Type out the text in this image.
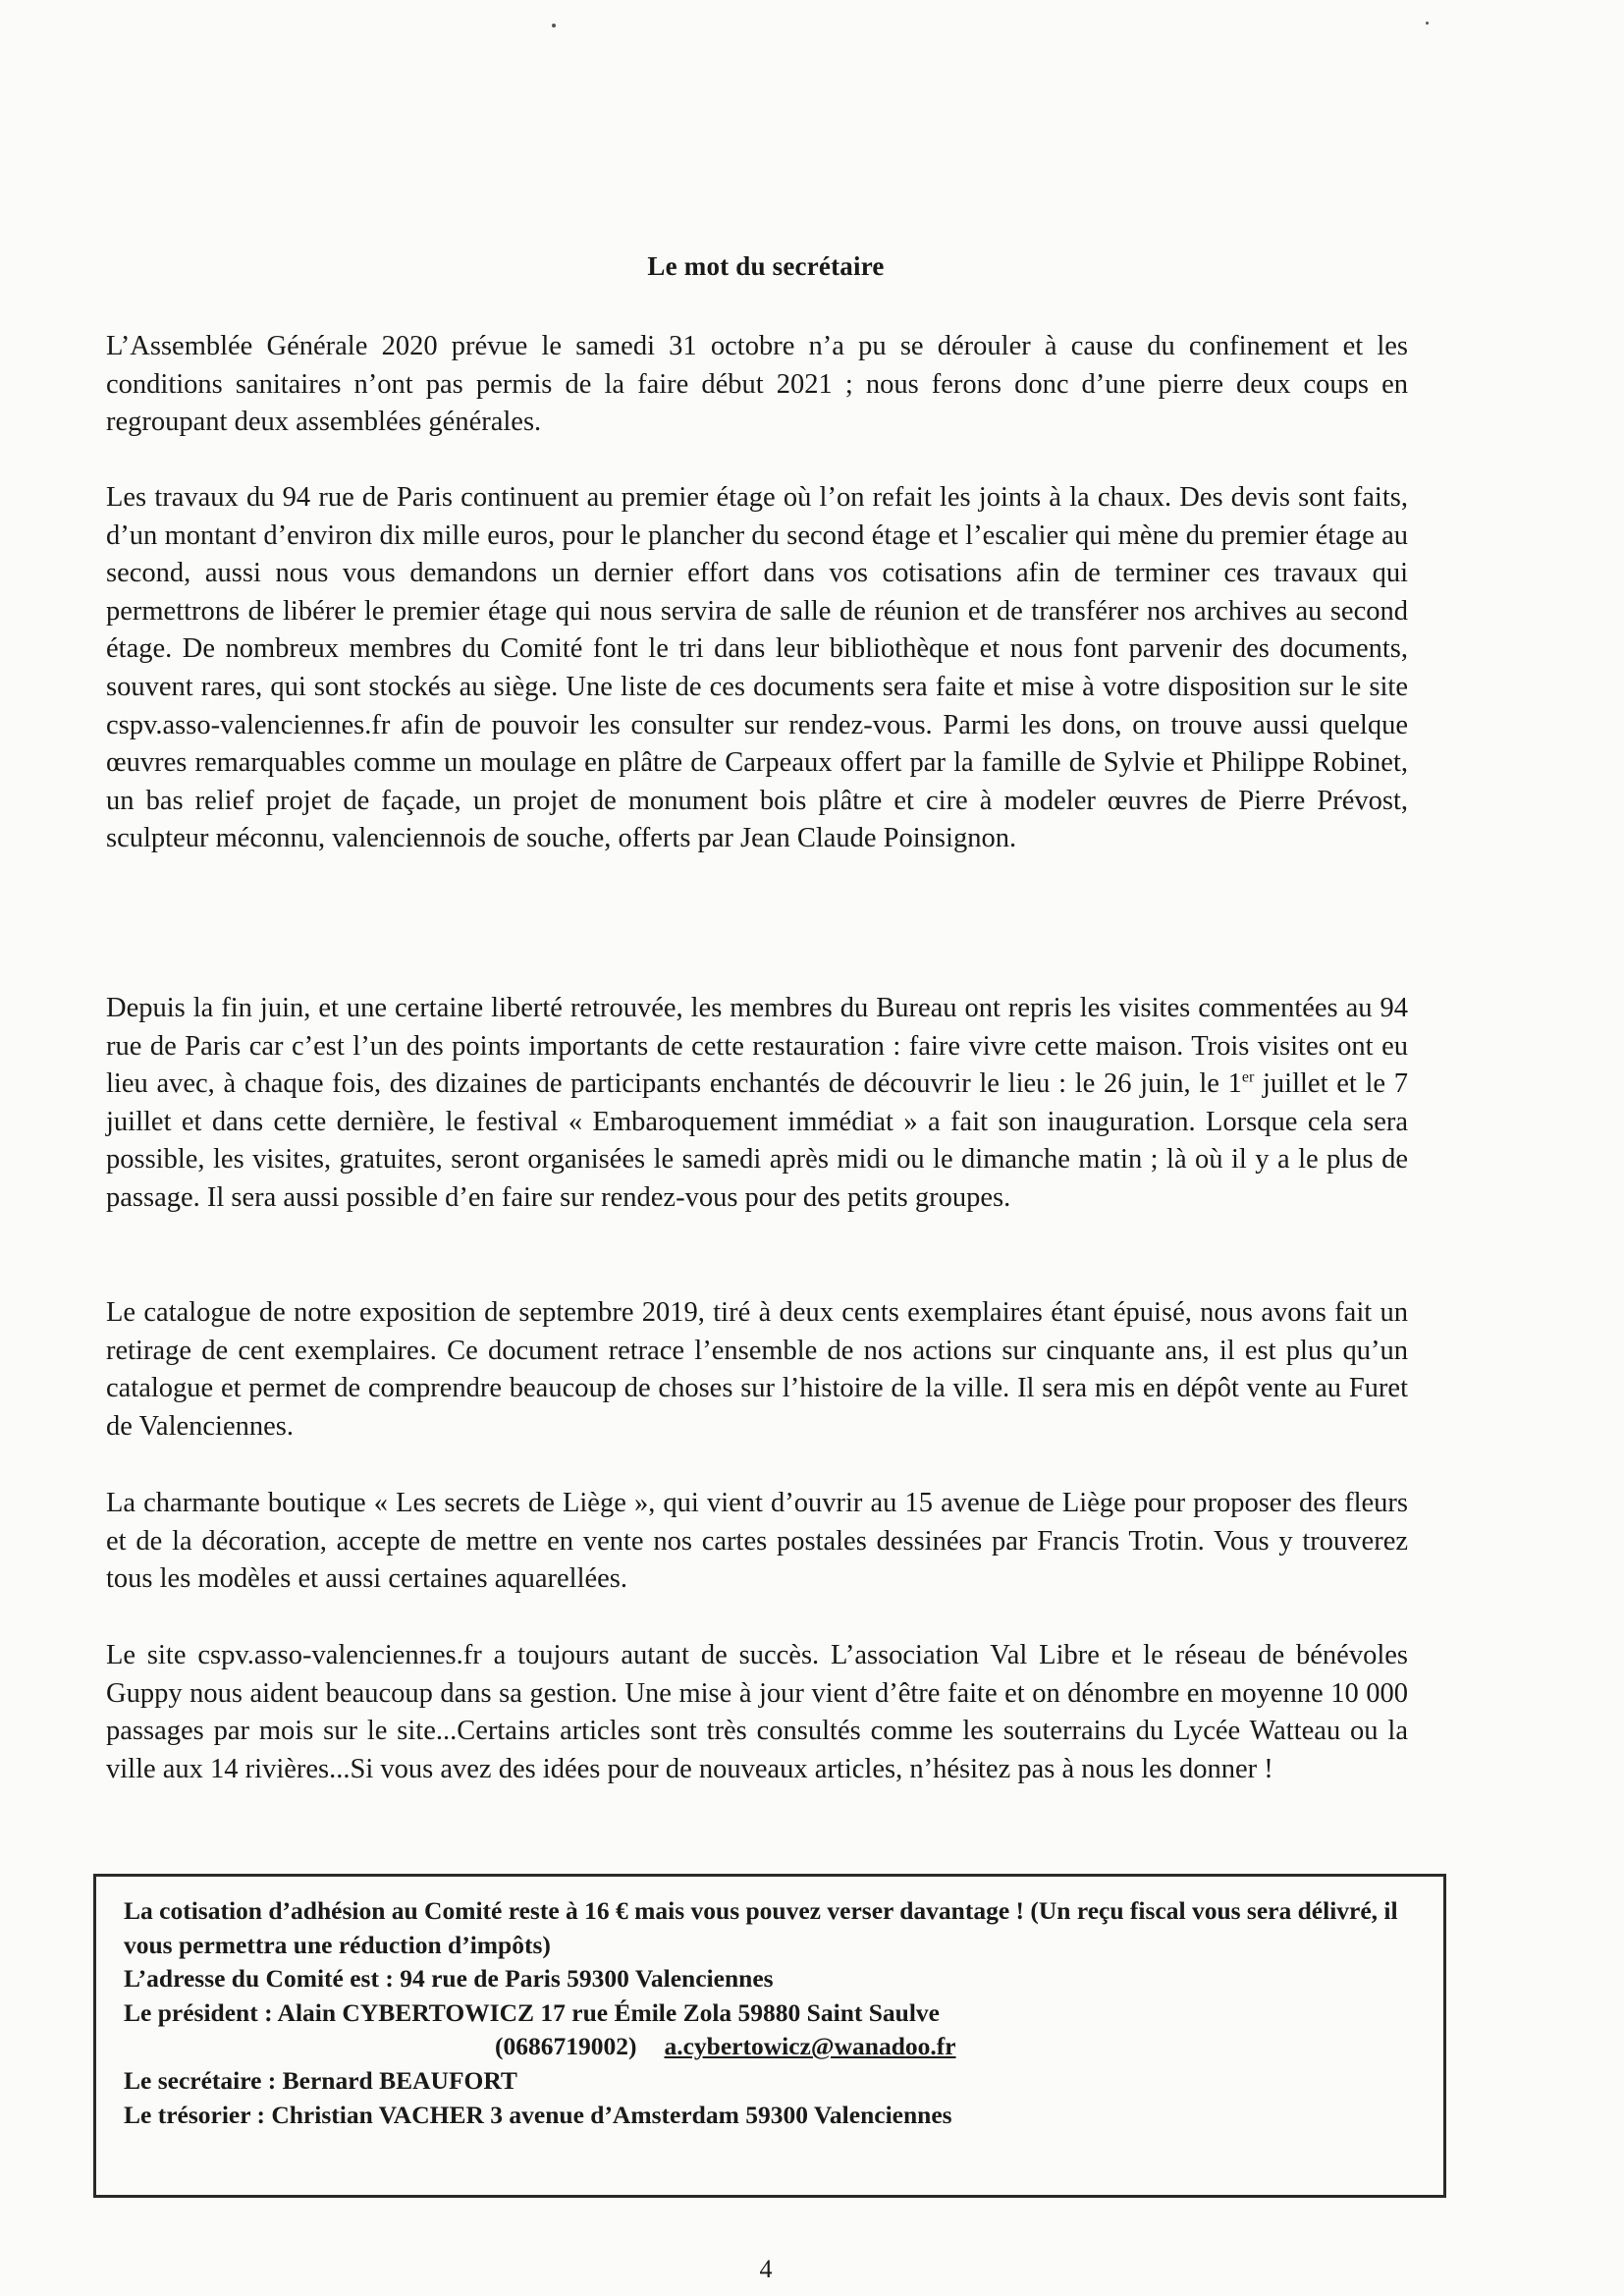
Le mot du secrétaire
L’Assemblée Générale 2020 prévue le samedi 31 octobre n’a pu se dérouler à cause du confinement et les conditions sanitaires n’ont pas permis de la faire début 2021 ; nous ferons donc d’une pierre deux coups en regroupant deux assemblées générales.
Les travaux du 94 rue de Paris continuent au premier étage où l’on refait les joints à la chaux. Des devis sont faits, d’un montant d’environ dix mille euros, pour le plancher du second étage et l’escalier qui mène du premier étage au second, aussi nous vous demandons un dernier effort dans vos cotisations afin de terminer ces travaux qui permettrons de libérer le premier étage qui nous servira de salle de réunion et de transférer nos archives au second étage. De nombreux membres du Comité font le tri dans leur bibliothèque et nous font parvenir des documents, souvent rares, qui sont stockés au siège. Une liste de ces documents sera faite et mise à votre disposition sur le site cspv.asso-valenciennes.fr afin de pouvoir les consulter sur rendez-vous. Parmi les dons, on trouve aussi quelque œuvres remarquables comme un moulage en plâtre de Carpeaux offert par la famille de Sylvie et Philippe Robinet, un bas relief projet de façade, un projet de monument bois plâtre et cire à modeler œuvres de Pierre Prévost, sculpteur méconnu, valenciennois de souche, offerts par Jean Claude Poinsignon.
Depuis la fin juin, et une certaine liberté retrouvée, les membres du Bureau ont repris les visites commentées au 94 rue de Paris car c’est l’un des points importants de cette restauration : faire vivre cette maison. Trois visites ont eu lieu avec, à chaque fois, des dizaines de participants enchantés de découvrir le lieu : le 26 juin, le 1er juillet et le 7 juillet et dans cette dernière, le festival « Embaroquement immédiat » a fait son inauguration. Lorsque cela sera possible, les visites, gratuites, seront organisées le samedi après midi ou le dimanche matin ; là où il y a le plus de passage. Il sera aussi possible d’en faire sur rendez-vous pour des petits groupes.
Le catalogue de notre exposition de septembre 2019, tiré à deux cents exemplaires étant épuisé, nous avons fait un retirage de cent exemplaires. Ce document retrace l’ensemble de nos actions sur cinquante ans, il est plus qu’un catalogue et permet de comprendre beaucoup de choses sur l’histoire de la ville. Il sera mis en dépôt vente au Furet de Valenciennes.
La charmante boutique « Les secrets de Liège », qui vient d’ouvrir au 15 avenue de Liège pour proposer des fleurs et de la décoration, accepte de mettre en vente nos cartes postales dessinées par Francis Trotin. Vous y trouverez tous les modèles et aussi certaines aquarellées.
Le site cspv.asso-valenciennes.fr a toujours autant de succès. L’association Val Libre et le réseau de bénévoles Guppy nous aident beaucoup dans sa gestion. Une mise à jour vient d’être faite et on dénombre en moyenne 10 000 passages par mois sur le site...Certains articles sont très consultés comme les souterrains du Lycée Watteau ou la ville aux 14 rivières...Si vous avez des idées pour de nouveaux articles, n’hésitez pas à nous les donner !
La cotisation d’adhésion au Comité reste à 16 € mais vous pouvez verser davantage ! (Un reçu fiscal vous sera délivré, il vous permettra une réduction d’impôts)
L’adresse du Comité est : 94 rue de Paris 59300 Valenciennes
Le président : Alain CYBERTOWICZ 17 rue Émile Zola 59880 Saint Saulve
(0686719002) a.cybertowicz@wanadoo.fr
Le secrétaire : Bernard BEAUFORT
Le trésorier : Christian VACHER 3 avenue d’Amsterdam 59300 Valenciennes
4
